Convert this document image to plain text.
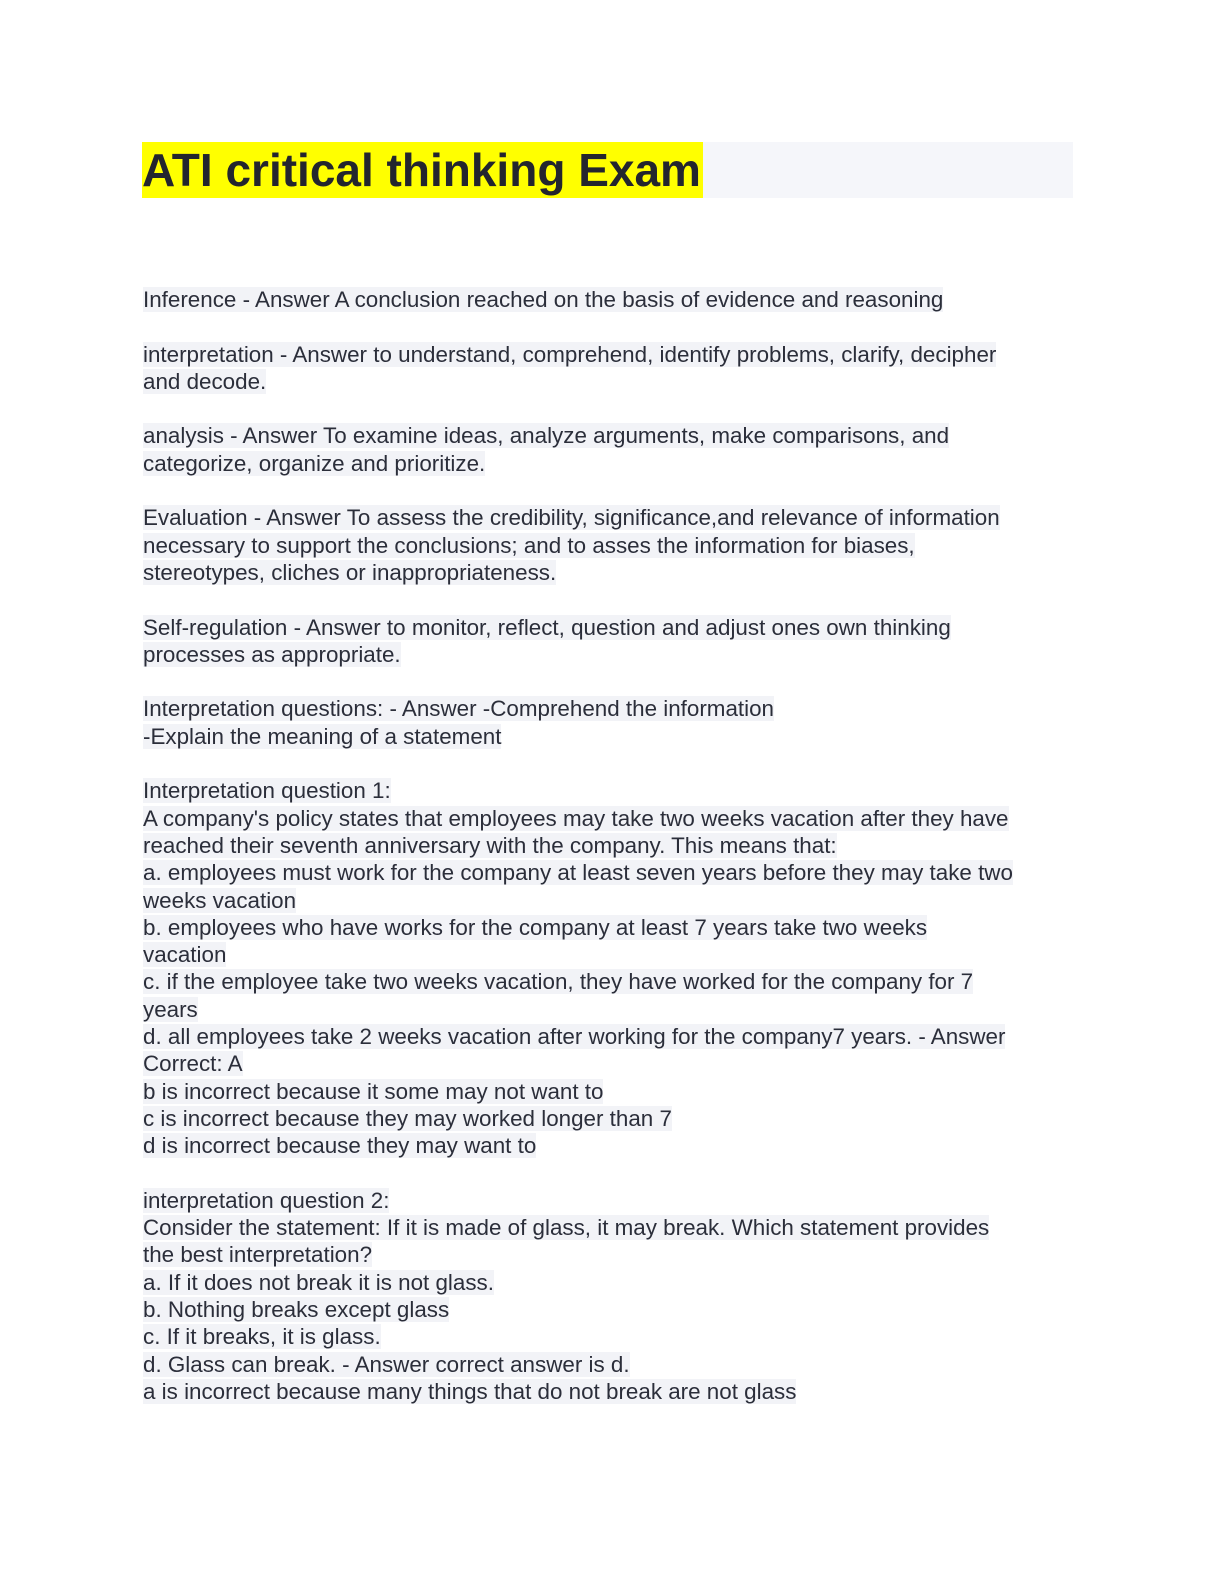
ATI critical thinking Exam
Inference - Answer A conclusion reached on the basis of evidence and reasoning
interpretation - Answer to understand, comprehend, identify problems, clarify, decipher
and decode.
analysis - Answer To examine ideas, analyze arguments, make comparisons, and
categorize, organize and prioritize.
Evaluation - Answer To assess the credibility, significance,and relevance of information
necessary to support the conclusions; and to asses the information for biases,
stereotypes, cliches or inappropriateness.
Self-regulation - Answer to monitor, reflect, question and adjust ones own thinking
processes as appropriate.
Interpretation questions: - Answer -Comprehend the information
-Explain the meaning of a statement
Interpretation question 1:
A company's policy states that employees may take two weeks vacation after they have
reached their seventh anniversary with the company. This means that:
a. employees must work for the company at least seven years before they may take two
weeks vacation
b. employees who have works for the company at least 7 years take two weeks
vacation
c. if the employee take two weeks vacation, they have worked for the company for 7
years
d. all employees take 2 weeks vacation after working for the company7 years. - Answer
Correct: A
b is incorrect because it some may not want to
c is incorrect because they may worked longer than 7
d is incorrect because they may want to
interpretation question 2:
Consider the statement: If it is made of glass, it may break. Which statement provides
the best interpretation?
a. If it does not break it is not glass.
b. Nothing breaks except glass
c. If it breaks, it is glass.
d. Glass can break. - Answer correct answer is d.
a is incorrect because many things that do not break are not glass
